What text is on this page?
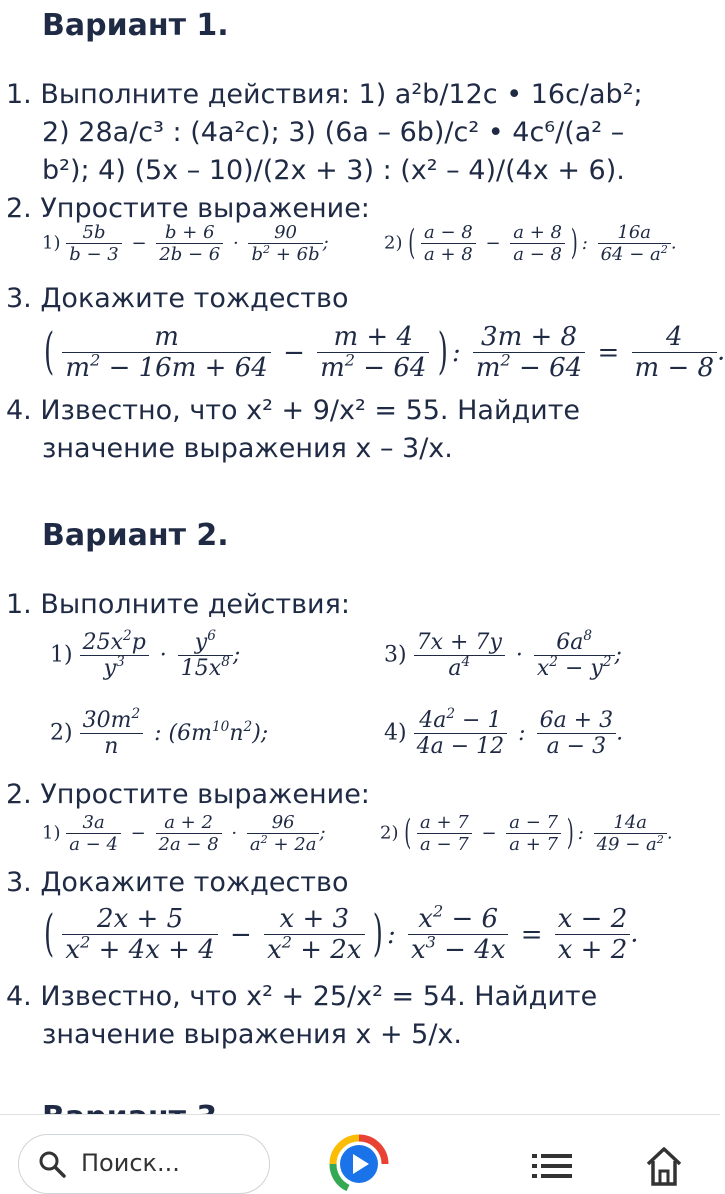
Вариант 1.
1. Выполните действия: 1) a²b/12c • 16c/ab²;
2) 28a/c³ : (4a²c); 3) (6a – 6b)/c² • 4c⁶/(a² –
b²); 4) (5x – 10)/(2x + 3) : (x² – 4)/(4x + 6).
2. Упростите выражение:
$1) \frac{5b}{b - 3} - \frac{b + 6}{2b - 6} \cdot \frac{90}{b^2 + 6b}$ ;	2) ( $\frac{a - 8}{a + 8} - \frac{a + 8}{a - 8}$ ) : $\frac{16a}{64 - a^2}$ .
3. Докажите тождество
( $\frac{m}{m^2 - 16m + 64} - \frac{m + 4}{m^2 - 64}$ ) : $\frac{3m + 8}{m^2 - 64} = \frac{4}{m - 8}$ .
4. Известно, что x² + 9/x² = 55. Найдите
значение выражения x – 3/x.
Вариант 2.
1. Выполните действия:
$1) \frac{25x^2p}{y^3} \cdot \frac{y^6}{15x^8}$ ;	$3) \frac{7x + 7y}{a^4} \cdot \frac{6a^8}{x^2 - y^2}$ ;
$2) \frac{30m^2}{n}$ : $(6m^{10}n^2)$;	$4) \frac{4a^2 - 1}{4a - 12}$ : $\frac{6a + 3}{a - 3}$ .
2. Упростите выражение:
$1) \frac{3a}{a - 4} - \frac{a + 2}{2a - 8} \cdot \frac{96}{a^2 + 2a}$ ;	2) ( $\frac{a + 7}{a - 7} - \frac{a - 7}{a + 7}$ ) : $\frac{14a}{49 - a^2}$ .
3. Докажите тождество
( $\frac{2x + 5}{x^2 + 4x + 4} - \frac{x + 3}{x^2 + 2x}$ ) : $\frac{x^2 - 6}{x^3 - 4x} = \frac{x - 2}{x + 2}$ .
4. Известно, что x² + 25/x² = 54. Найдите
значение выражения x + 5/x.
Поиск...
